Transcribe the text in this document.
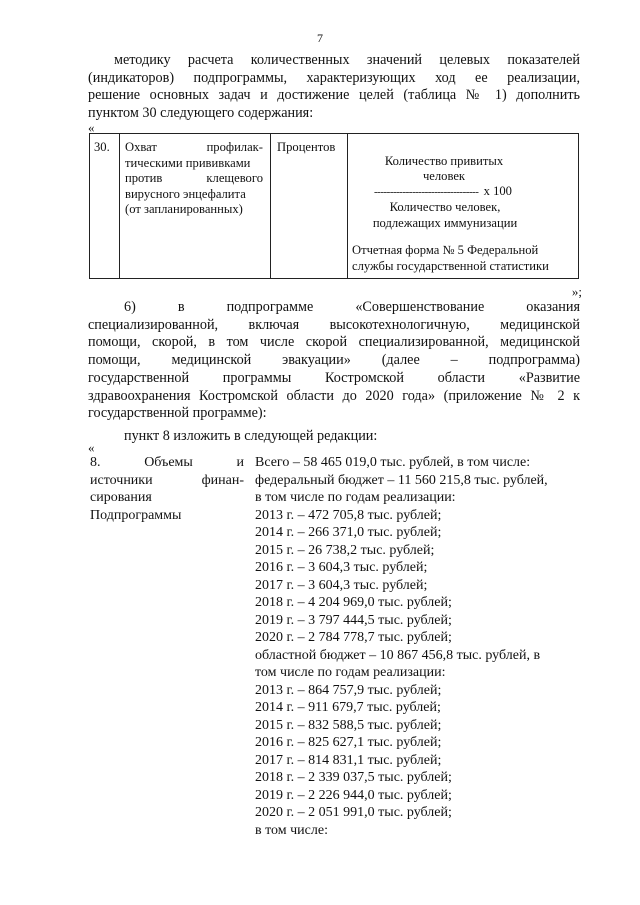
7
методику расчета количественных значений целевых показателей
(индикаторов) подпрограммы, характеризующих ход ее реализации,
решение основных задач и достижение целей (таблица № 1) дополнить
пунктом 30 следующего содержания:
«
30.	Охват профилак-
тическими прививками
против клещевого
вирусного энцефалита
(от запланированных)
Процентов
Количество привитых
человек
--------------------------------- х 100
Количество человек,
подлежащих иммунизации
Отчетная форма № 5 Федеральной
службы государственной статистики
»;
6) в подпрограмме «Совершенствование оказания
специализированной, включая высокотехнологичную, медицинской
помощи, скорой, в том числе скорой специализированной, медицинской
помощи, медицинской эвакуации» (далее – подпрограмма)
государственной программы Костромской области «Развитие
здравоохранения Костромской области до 2020 года» (приложение № 2 к
государственной программе):
пункт 8 изложить в следующей редакции:
«
8. Объемы и
источники финан-
сирования
Подпрограммы
Всего – 58 465 019,0 тыс. рублей, в том числе:
федеральный бюджет – 11 560 215,8 тыс. рублей,
в том числе по годам реализации:
2013 г. – 472 705,8 тыс. рублей;
2014 г. – 266 371,0 тыс. рублей;
2015 г. – 26 738,2 тыс. рублей;
2016 г. – 3 604,3 тыс. рублей;
2017 г. – 3 604,3 тыс. рублей;
2018 г. – 4 204 969,0 тыс. рублей;
2019 г. – 3 797 444,5 тыс. рублей;
2020 г. – 2 784 778,7 тыс. рублей;
областной бюджет – 10 867 456,8 тыс. рублей, в
том числе по годам реализации:
2013 г. – 864 757,9 тыс. рублей;
2014 г. – 911 679,7 тыс. рублей;
2015 г. – 832 588,5 тыс. рублей;
2016 г. – 825 627,1 тыс. рублей;
2017 г. – 814 831,1 тыс. рублей;
2018 г. – 2 339 037,5 тыс. рублей;
2019 г. – 2 226 944,0 тыс. рублей;
2020 г. – 2 051 991,0 тыс. рублей;
в том числе:
